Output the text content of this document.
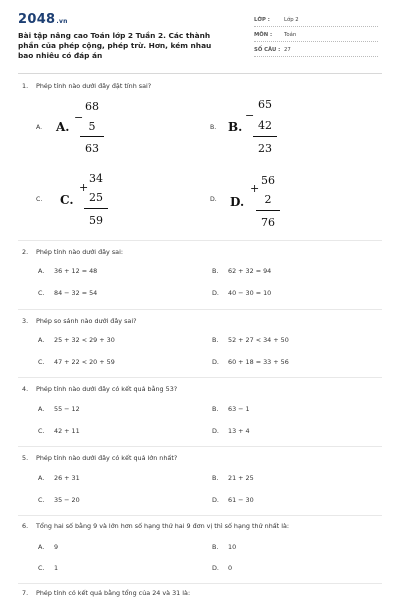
2048.vn
Bài tập nâng cao Toán lớp 2 Tuần 2. Các thành phần của phép cộng, phép trừ. Hơn, kém nhau bao nhiêu có đáp án
LỚP :	Lớp 2
MÔN : Toán
SỐ CÂU : 27
1. Phép tính nào dưới đây đặt tính sai?
A. A.
−
68
5
63
B. B.
−
65
42
23
C. C.
+
34
25
59
D. D.
+
56
2
76
2. Phép tính nào dưới đây sai:
A. 36 + 12 = 48	B. 62 + 32 = 94
C. 84 − 32 = 54	D. 40 − 30 = 10
3. Phép so sánh nào dưới đây sai?
A. 25 + 32 < 29 + 30	B. 52 + 27 < 34 + 50
C. 47 + 22 < 20 + 59	D. 60 + 18 = 33 + 56
4. Phép tính nào dưới đây có kết quả bằng 53?
A. 55 − 12	B. 63 − 1
C. 42 + 11	D. 13 + 4
5. Phép tính nào dưới đây có kết quả lớn nhất?
A. 26 + 31	B. 21 + 25
C. 35 − 20	D. 61 − 30
6. Tổng hai số bằng 9 và lớn hơn số hạng thứ hai 9 đơn vị thì số hạng thứ nhất là:
A. 9	B. 10
C. 1	D. 0
7. Phép tính có kết quả bằng tổng của 24 và 31 là:
